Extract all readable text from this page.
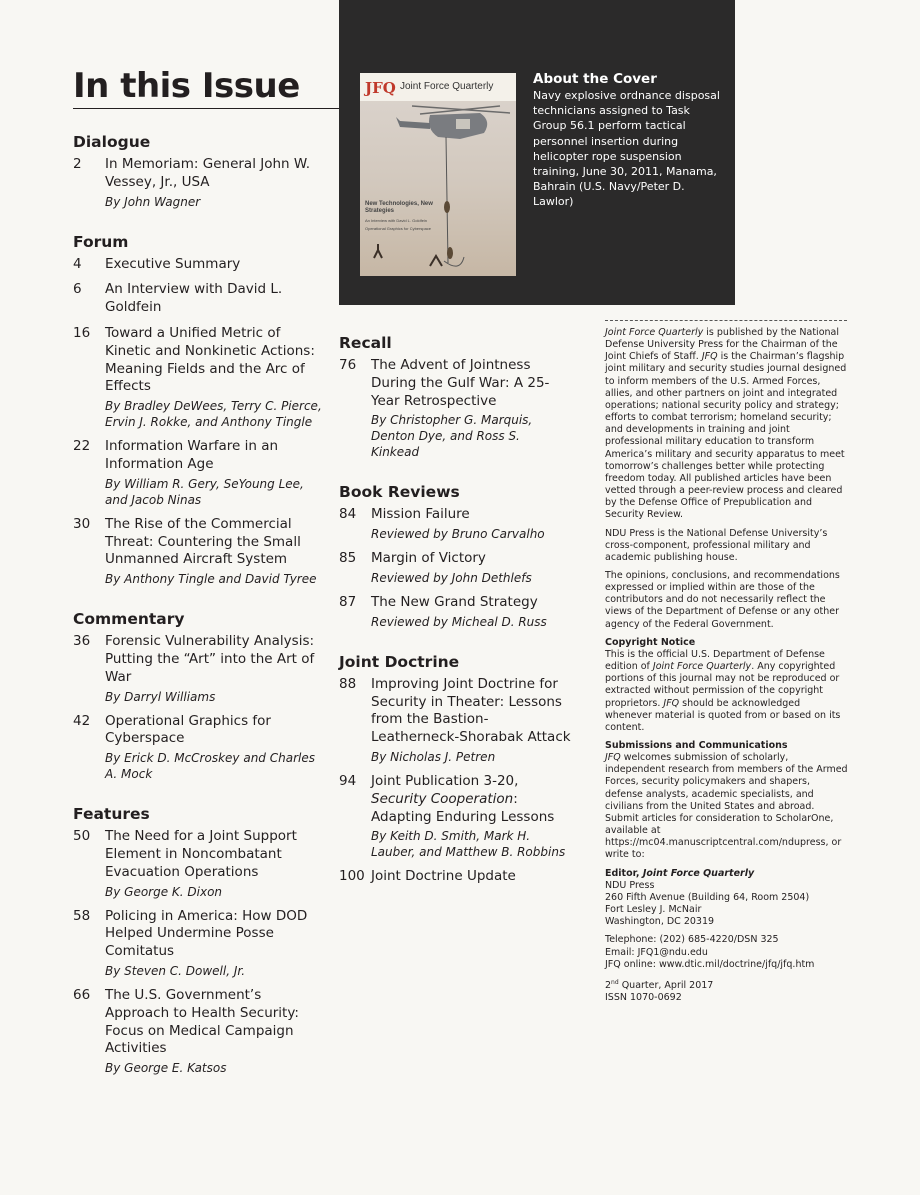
JFQ Joint Force Quarterly
New Technologies, New Strategies
An Interview with David L. Goldfein
Operational Graphics for Cyberspace
About the Cover
Navy explosive ordnance disposal technicians assigned to Task Group 56.1 perform tactical personnel insertion during helicopter rope suspension training, June 30, 2011, Manama, Bahrain (U.S. Navy/Peter D. Lawlor)
In this Issue
Dialogue
2 In Memoriam: General John W. Vessey, Jr., USA
By John Wagner
Forum
4 Executive Summary
6 An Interview with David L. Goldfein
16 Toward a Unified Metric of Kinetic and Nonkinetic Actions: Meaning Fields and the Arc of Effects
By Bradley DeWees, Terry C. Pierce, Ervin J. Rokke, and Anthony Tingle
22 Information Warfare in an Information Age
By William R. Gery, SeYoung Lee, and Jacob Ninas
30 The Rise of the Commercial Threat: Countering the Small Unmanned Aircraft System
By Anthony Tingle and David Tyree
Commentary
36 Forensic Vulnerability Analysis: Putting the “Art” into the Art of War
By Darryl Williams
42 Operational Graphics for Cyberspace
By Erick D. McCroskey and Charles A. Mock
Features
50 The Need for a Joint Support Element in Noncombatant Evacuation Operations
By George K. Dixon
58 Policing in America: How DOD Helped Undermine Posse Comitatus
By Steven C. Dowell, Jr.
66 The U.S. Government’s Approach to Health Security: Focus on Medical Campaign Activities
By George E. Katsos
Recall
76 The Advent of Jointness During the Gulf War: A 25-Year Retrospective
By Christopher G. Marquis, Denton Dye, and Ross S. Kinkead
Book Reviews
84 Mission Failure
Reviewed by Bruno Carvalho
85 Margin of Victory
Reviewed by John Dethlefs
87 The New Grand Strategy
Reviewed by Micheal D. Russ
Joint Doctrine
88 Improving Joint Doctrine for Security in Theater: Lessons from the Bastion-Leatherneck-Shorabak Attack
By Nicholas J. Petren
94 Joint Publication 3-20, Security Cooperation: Adapting Enduring Lessons
By Keith D. Smith, Mark H. Lauber, and Matthew B. Robbins
100 Joint Doctrine Update

Joint Force Quarterly is published by the National Defense University Press for the Chairman of the Joint Chiefs of Staff. JFQ is the Chairman’s flagship joint military and security studies journal designed to inform members of the U.S. Armed Forces, allies, and other partners on joint and integrated operations; national security policy and strategy; efforts to combat terrorism; homeland security; and developments in training and joint professional military education to transform America’s military and security apparatus to meet tomorrow’s challenges better while protecting freedom today. All published articles have been vetted through a peer-review process and cleared by the Defense Office of Prepublication and Security Review.

NDU Press is the National Defense University’s cross-component, professional military and academic publishing house.

The opinions, conclusions, and recommendations expressed or implied within are those of the contributors and do not necessarily reflect the views of the Department of Defense or any other agency of the Federal Government.

Copyright Notice
This is the official U.S. Department of Defense edition of Joint Force Quarterly. Any copyrighted portions of this journal may not be reproduced or extracted without permission of the copyright proprietors. JFQ should be acknowledged whenever material is quoted from or based on its content.

Submissions and Communications
JFQ welcomes submission of scholarly, independent research from members of the Armed Forces, security policymakers and shapers, defense analysts, academic specialists, and civilians from the United States and abroad. Submit articles for consideration to ScholarOne, available at https://mc04.manuscriptcentral.com/ndupress, or write to:

Editor, Joint Force Quarterly
NDU Press
260 Fifth Avenue (Building 64, Room 2504)
Fort Lesley J. McNair
Washington, DC 20319

Telephone: (202) 685-4220/DSN 325
Email: JFQ1@ndu.edu
JFQ online: www.dtic.mil/doctrine/jfq/jfq.htm

2nd Quarter, April 2017
ISSN 1070-0692
